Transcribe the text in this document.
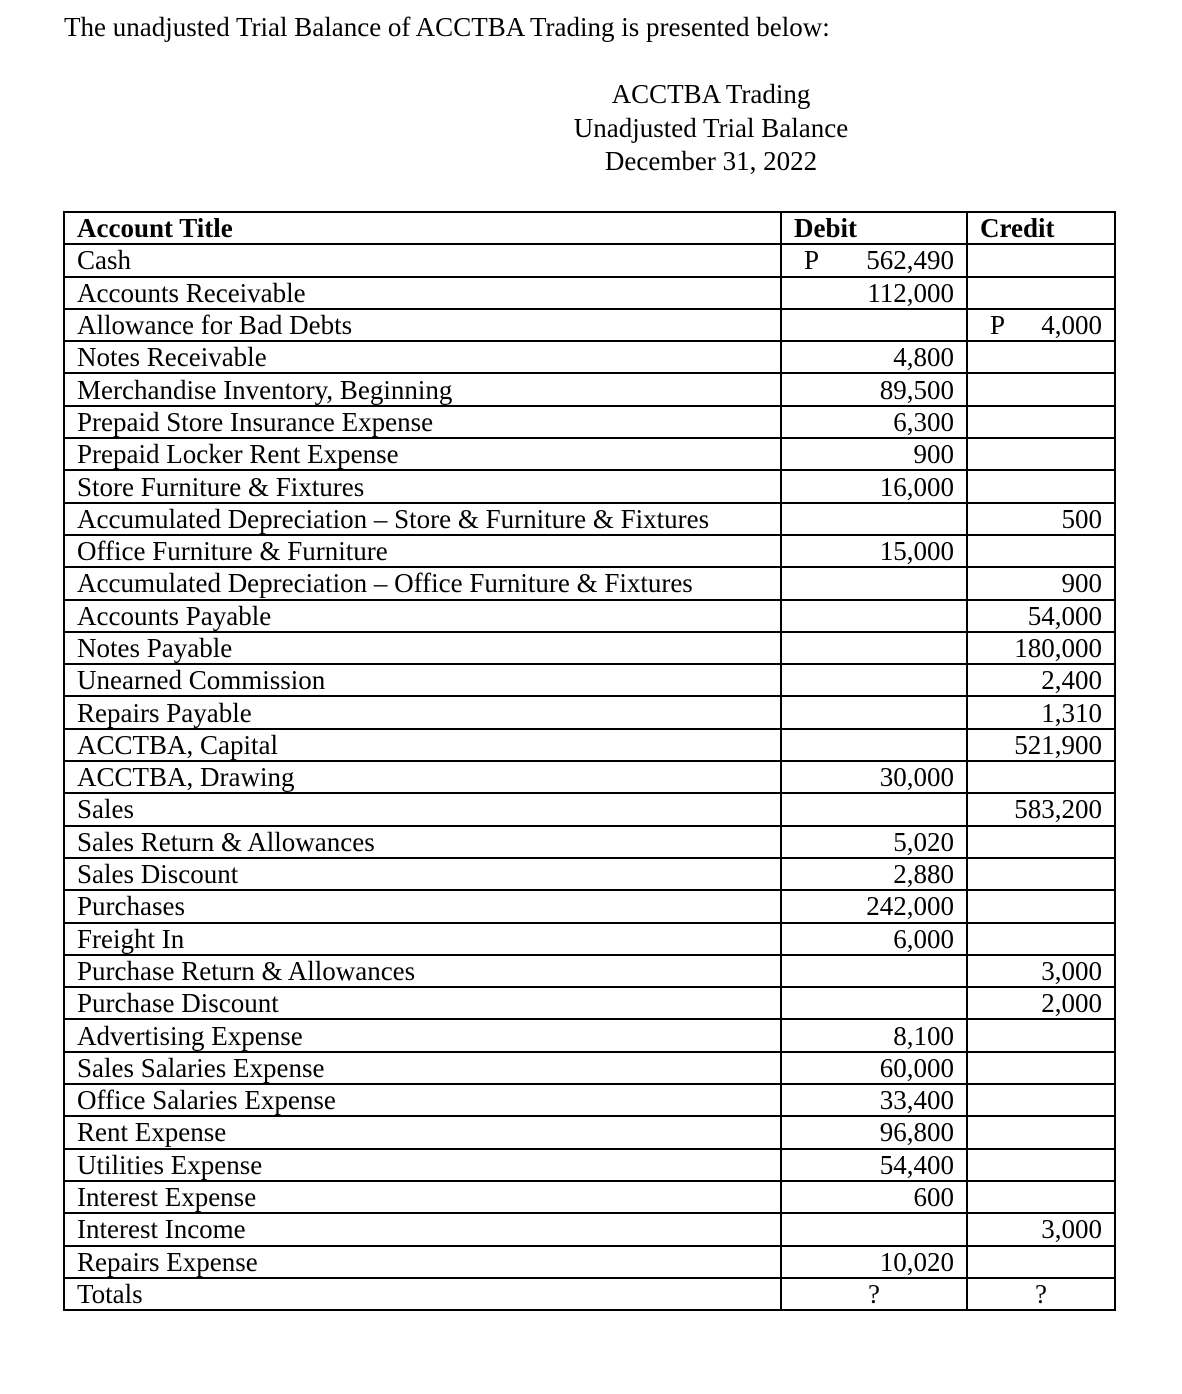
The unadjusted Trial Balance of ACCTBA Trading is presented below:
ACCTBA Trading
Unadjusted Trial Balance
December 31, 2022
Account Title	Debit	Credit
Cash	P 562,490	

Accounts Receivable	112,000	

Allowance for Bad Debts		P 4,000
Notes Receivable	4,800	

Merchandise Inventory, Beginning	89,500	

Prepaid Store Insurance Expense	6,300	

Prepaid Locker Rent Expense	900	

Store Furniture & Fixtures	16,000	

Accumulated Depreciation – Store & Furniture & Fixtures		500
Office Furniture & Furniture	15,000	

Accumulated Depreciation – Office Furniture & Fixtures		900
Accounts Payable		54,000
Notes Payable		180,000
Unearned Commission		2,400
Repairs Payable		1,310
ACCTBA, Capital		521,900
ACCTBA, Drawing	30,000	

Sales		583,200
Sales Return & Allowances	5,020	

Sales Discount	2,880	

Purchases	242,000	

Freight In	6,000	

Purchase Return & Allowances		3,000
Purchase Discount		2,000
Advertising Expense	8,100	

Sales Salaries Expense	60,000	

Office Salaries Expense	33,400	

Rent Expense	96,800	

Utilities Expense	54,400	

Interest Expense	600	

Interest Income		3,000
Repairs Expense	10,020	

Totals	?	?
